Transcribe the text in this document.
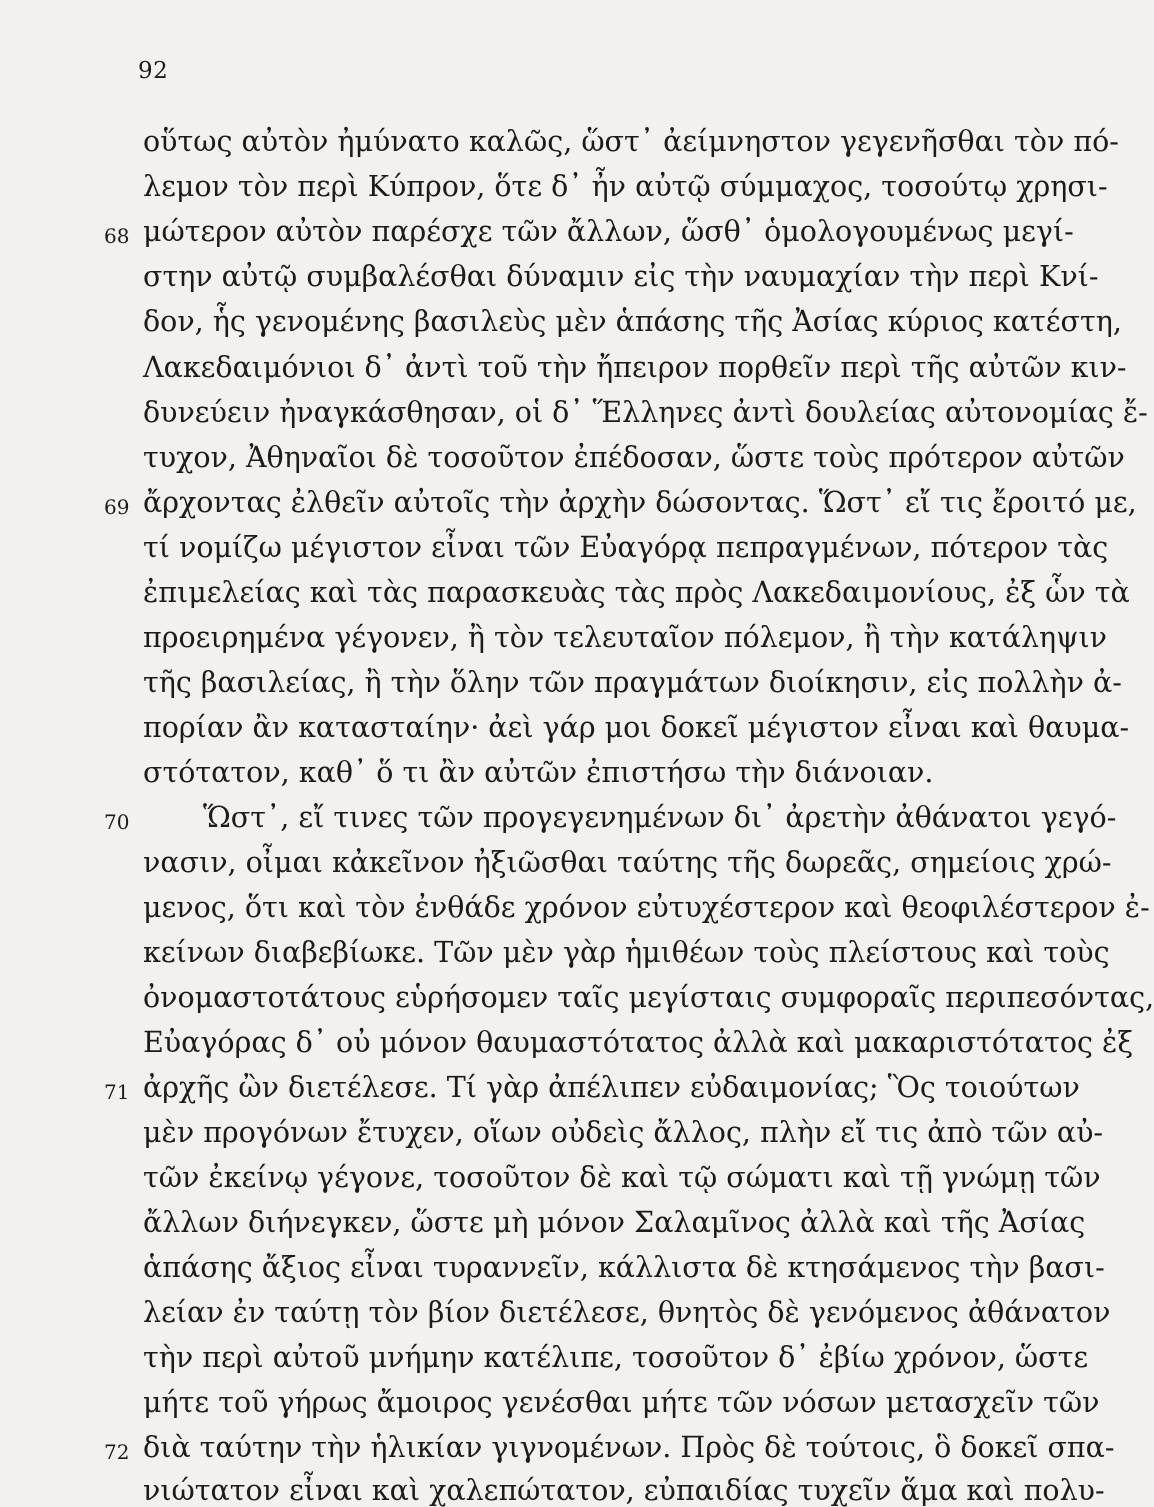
92
οὕτως αὐτὸν ἠμύνατο καλῶς, ὥστ᾽ ἀείμνηστον γεγενῆσθαι τὸν πό-
λεμον τὸν περὶ Κύπρον, ὅτε δ᾽ ἦν αὐτῷ σύμμαχος, τοσούτῳ χρησι-
μώτερον αὐτὸν παρέσχε τῶν ἄλλων, ὥσθ᾽ ὁμολογουμένως μεγί-
στην αὐτῷ συμβαλέσθαι δύναμιν εἰς τὴν ναυμαχίαν τὴν περὶ Κνί-
δον, ἧς γενομένης βασιλεὺς μὲν ἁπάσης τῆς Ἀσίας κύριος κατέστη,
Λακεδαιμόνιοι δ᾽ ἀντὶ τοῦ τὴν ἤπειρον πορθεῖν περὶ τῆς αὐτῶν κιν-
δυνεύειν ἠναγκάσθησαν, οἱ δ᾽ Ἕλληνες ἀντὶ δουλείας αὐτονομίας ἔ-
τυχον, Ἀθηναῖοι δὲ τοσοῦτον ἐπέδοσαν, ὥστε τοὺς πρότερον αὐτῶν
ἄρχοντας ἐλθεῖν αὐτοῖς τὴν ἀρχὴν δώσοντας. Ὥστ᾽ εἴ τις ἔροιτό με,
τί νομίζω μέγιστον εἶναι τῶν Εὐαγόρᾳ πεπραγμένων, πότερον τὰς
ἐπιμελείας καὶ τὰς παρασκευὰς τὰς πρὸς Λακεδαιμονίους, ἐξ ὧν τὰ
προειρημένα γέγονεν, ἢ τὸν τελευταῖον πόλεμον, ἢ τὴν κατάληψιν
τῆς βασιλείας, ἢ τὴν ὅλην τῶν πραγμάτων διοίκησιν, εἰς πολλὴν ἀ-
πορίαν ἂν κατασταίην· ἀεὶ γάρ μοι δοκεῖ μέγιστον εἶναι καὶ θαυμα-
στότατον, καθ᾽ ὅ τι ἂν αὐτῶν ἐπιστήσω τὴν διάνοιαν.
Ὥστ᾽, εἴ τινες τῶν προγεγενημένων δι᾽ ἀρετὴν ἀθάνατοι γεγό-
νασιν, οἶμαι κἀκεῖνον ἠξιῶσθαι ταύτης τῆς δωρεᾶς, σημείοις χρώ-
μενος, ὅτι καὶ τὸν ἐνθάδε χρόνον εὐτυχέστερον καὶ θεοφιλέστερον ἐ-
κείνων διαβεβίωκε. Τῶν μὲν γὰρ ἡμιθέων τοὺς πλείστους καὶ τοὺς
ὀνομαστοτάτους εὑρήσομεν ταῖς μεγίσταις συμφοραῖς περιπεσόντας,
Εὐαγόρας δ᾽ οὐ μόνον θαυμαστότατος ἀλλὰ καὶ μακαριστότατος ἐξ
ἀρχῆς ὢν διετέλεσε. Τί γὰρ ἀπέλιπεν εὐδαιμονίας; Ὃς τοιούτων
μὲν προγόνων ἔτυχεν, οἵων οὐδεὶς ἄλλος, πλὴν εἴ τις ἀπὸ τῶν αὐ-
τῶν ἐκείνῳ γέγονε, τοσοῦτον δὲ καὶ τῷ σώματι καὶ τῇ γνώμῃ τῶν
ἄλλων διήνεγκεν, ὥστε μὴ μόνον Σαλαμῖνος ἀλλὰ καὶ τῆς Ἀσίας
ἁπάσης ἄξιος εἶναι τυραννεῖν, κάλλιστα δὲ κτησάμενος τὴν βασι-
λείαν ἐν ταύτῃ τὸν βίον διετέλεσε, θνητὸς δὲ γενόμενος ἀθάνατον
τὴν περὶ αὐτοῦ μνήμην κατέλιπε, τοσοῦτον δ᾽ ἐβίω χρόνον, ὥστε
μήτε τοῦ γήρως ἄμοιρος γενέσθαι μήτε τῶν νόσων μετασχεῖν τῶν
διὰ ταύτην τὴν ἡλικίαν γιγνομένων. Πρὸς δὲ τούτοις, ὃ δοκεῖ σπα-
νιώτατον εἶναι καὶ χαλεπώτατον, εὐπαιδίας τυχεῖν ἅμα καὶ πολυ-
68
69
70
71
72
